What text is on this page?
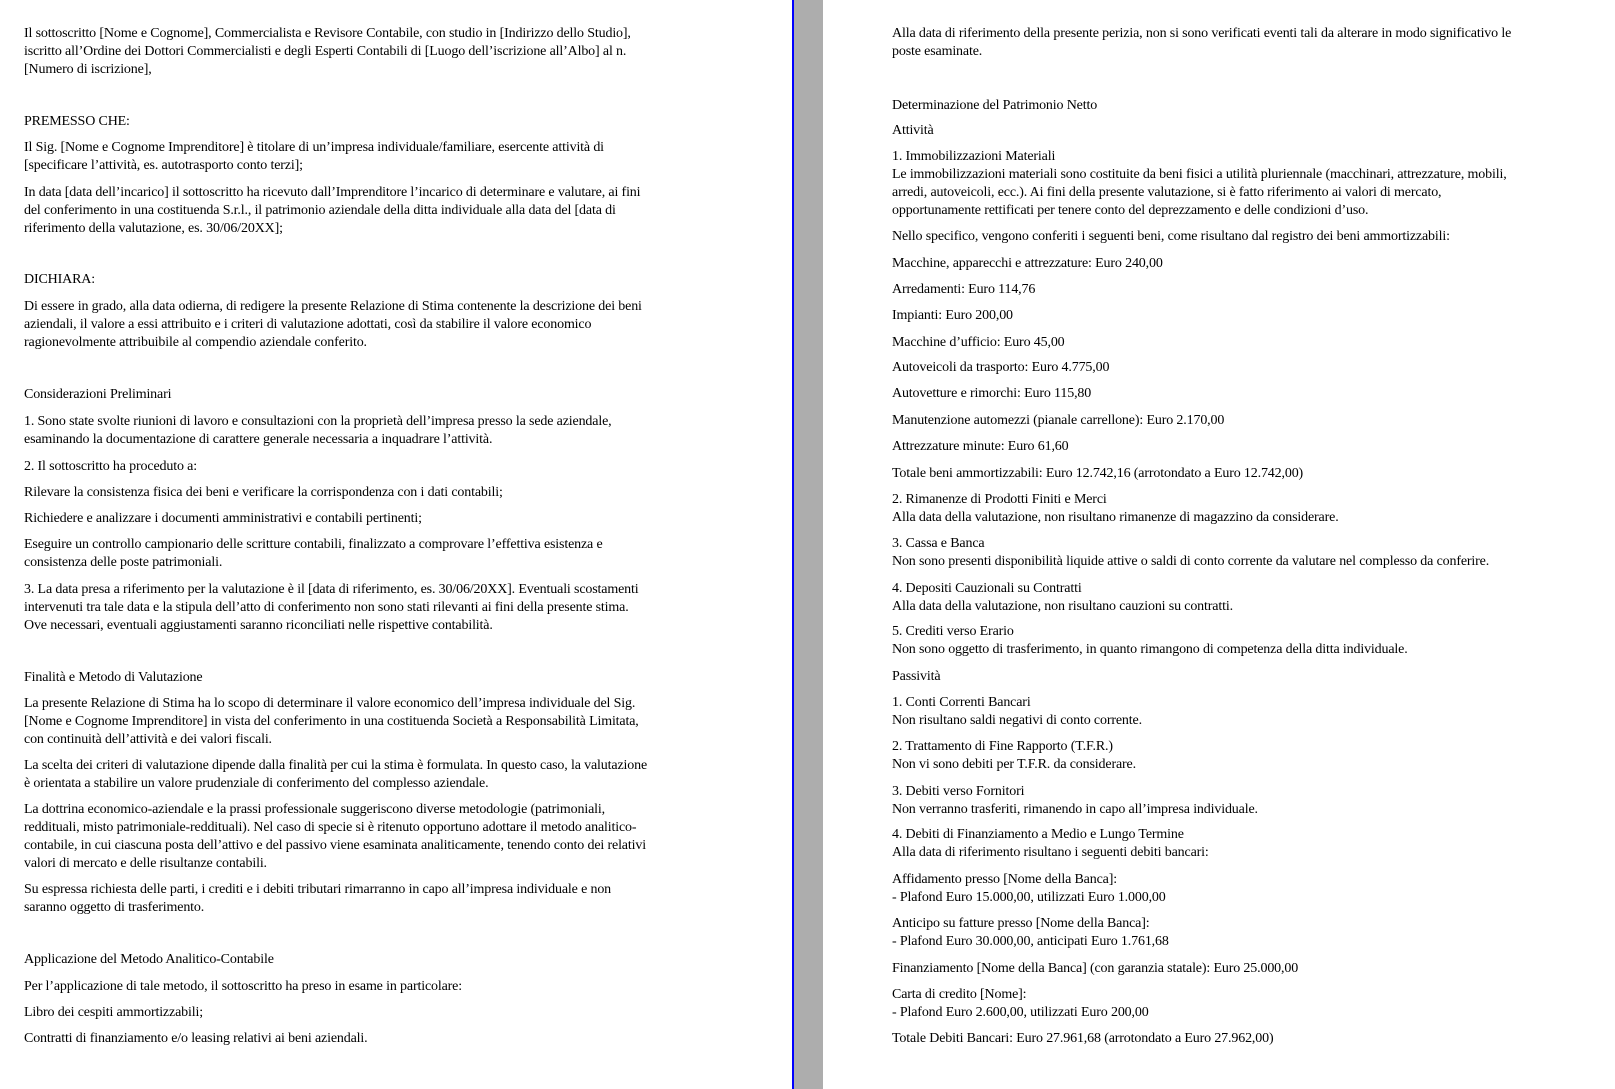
Il sottoscritto [Nome e Cognome], Commercialista e Revisore Contabile, con studio in [Indirizzo dello Studio],
iscritto all’Ordine dei Dottori Commercialisti e degli Esperti Contabili di [Luogo dell’iscrizione all’Albo] al n.
[Numero di iscrizione],
PREMESSO CHE:
Il Sig. [Nome e Cognome Imprenditore] è titolare di un’impresa individuale/familiare, esercente attività di
[specificare l’attività, es. autotrasporto conto terzi];
In data [data dell’incarico] il sottoscritto ha ricevuto dall’Imprenditore l’incarico di determinare e valutare, ai fini
del conferimento in una costituenda S.r.l., il patrimonio aziendale della ditta individuale alla data del [data di
riferimento della valutazione, es. 30/06/20XX];
DICHIARA:
Di essere in grado, alla data odierna, di redigere la presente Relazione di Stima contenente la descrizione dei beni
aziendali, il valore a essi attribuito e i criteri di valutazione adottati, così da stabilire il valore economico
ragionevolmente attribuibile al compendio aziendale conferito.
Considerazioni Preliminari
1. Sono state svolte riunioni di lavoro e consultazioni con la proprietà dell’impresa presso la sede aziendale,
esaminando la documentazione di carattere generale necessaria a inquadrare l’attività.
2. Il sottoscritto ha proceduto a:
Rilevare la consistenza fisica dei beni e verificare la corrispondenza con i dati contabili;
Richiedere e analizzare i documenti amministrativi e contabili pertinenti;
Eseguire un controllo campionario delle scritture contabili, finalizzato a comprovare l’effettiva esistenza e
consistenza delle poste patrimoniali.
3. La data presa a riferimento per la valutazione è il [data di riferimento, es. 30/06/20XX]. Eventuali scostamenti
intervenuti tra tale data e la stipula dell’atto di conferimento non sono stati rilevanti ai fini della presente stima.
Ove necessari, eventuali aggiustamenti saranno riconciliati nelle rispettive contabilità.
Finalità e Metodo di Valutazione
La presente Relazione di Stima ha lo scopo di determinare il valore economico dell’impresa individuale del Sig.
[Nome e Cognome Imprenditore] in vista del conferimento in una costituenda Società a Responsabilità Limitata,
con continuità dell’attività e dei valori fiscali.
La scelta dei criteri di valutazione dipende dalla finalità per cui la stima è formulata. In questo caso, la valutazione
è orientata a stabilire un valore prudenziale di conferimento del complesso aziendale.
La dottrina economico-aziendale e la prassi professionale suggeriscono diverse metodologie (patrimoniali,
reddituali, misto patrimoniale-reddituali). Nel caso di specie si è ritenuto opportuno adottare il metodo analitico-
contabile, in cui ciascuna posta dell’attivo e del passivo viene esaminata analiticamente, tenendo conto dei relativi
valori di mercato e delle risultanze contabili.
Su espressa richiesta delle parti, i crediti e i debiti tributari rimarranno in capo all’impresa individuale e non
saranno oggetto di trasferimento.
Applicazione del Metodo Analitico-Contabile
Per l’applicazione di tale metodo, il sottoscritto ha preso in esame in particolare:
Libro dei cespiti ammortizzabili;
Contratti di finanziamento e/o leasing relativi ai beni aziendali.
Alla data di riferimento della presente perizia, non si sono verificati eventi tali da alterare in modo significativo le
poste esaminate.
Determinazione del Patrimonio Netto
Attività
1. Immobilizzazioni Materiali
Le immobilizzazioni materiali sono costituite da beni fisici a utilità pluriennale (macchinari, attrezzature, mobili,
arredi, autoveicoli, ecc.). Ai fini della presente valutazione, si è fatto riferimento ai valori di mercato,
opportunamente rettificati per tenere conto del deprezzamento e delle condizioni d’uso.
Nello specifico, vengono conferiti i seguenti beni, come risultano dal registro dei beni ammortizzabili:
Macchine, apparecchi e attrezzature: Euro 240,00
Arredamenti: Euro 114,76
Impianti: Euro 200,00
Macchine d’ufficio: Euro 45,00
Autoveicoli da trasporto: Euro 4.775,00
Autovetture e rimorchi: Euro 115,80
Manutenzione automezzi (pianale carrellone): Euro 2.170,00
Attrezzature minute: Euro 61,60
Totale beni ammortizzabili: Euro 12.742,16 (arrotondato a Euro 12.742,00)
2. Rimanenze di Prodotti Finiti e Merci
Alla data della valutazione, non risultano rimanenze di magazzino da considerare.
3. Cassa e Banca
Non sono presenti disponibilità liquide attive o saldi di conto corrente da valutare nel complesso da conferire.
4. Depositi Cauzionali su Contratti
Alla data della valutazione, non risultano cauzioni su contratti.
5. Crediti verso Erario
Non sono oggetto di trasferimento, in quanto rimangono di competenza della ditta individuale.
Passività
1. Conti Correnti Bancari
Non risultano saldi negativi di conto corrente.
2. Trattamento di Fine Rapporto (T.F.R.)
Non vi sono debiti per T.F.R. da considerare.
3. Debiti verso Fornitori
Non verranno trasferiti, rimanendo in capo all’impresa individuale.
4. Debiti di Finanziamento a Medio e Lungo Termine
Alla data di riferimento risultano i seguenti debiti bancari:
Affidamento presso [Nome della Banca]:
- Plafond Euro 15.000,00, utilizzati Euro 1.000,00
Anticipo su fatture presso [Nome della Banca]:
- Plafond Euro 30.000,00, anticipati Euro 1.761,68
Finanziamento [Nome della Banca] (con garanzia statale): Euro 25.000,00
Carta di credito [Nome]:
- Plafond Euro 2.600,00, utilizzati Euro 200,00
Totale Debiti Bancari: Euro 27.961,68 (arrotondato a Euro 27.962,00)
